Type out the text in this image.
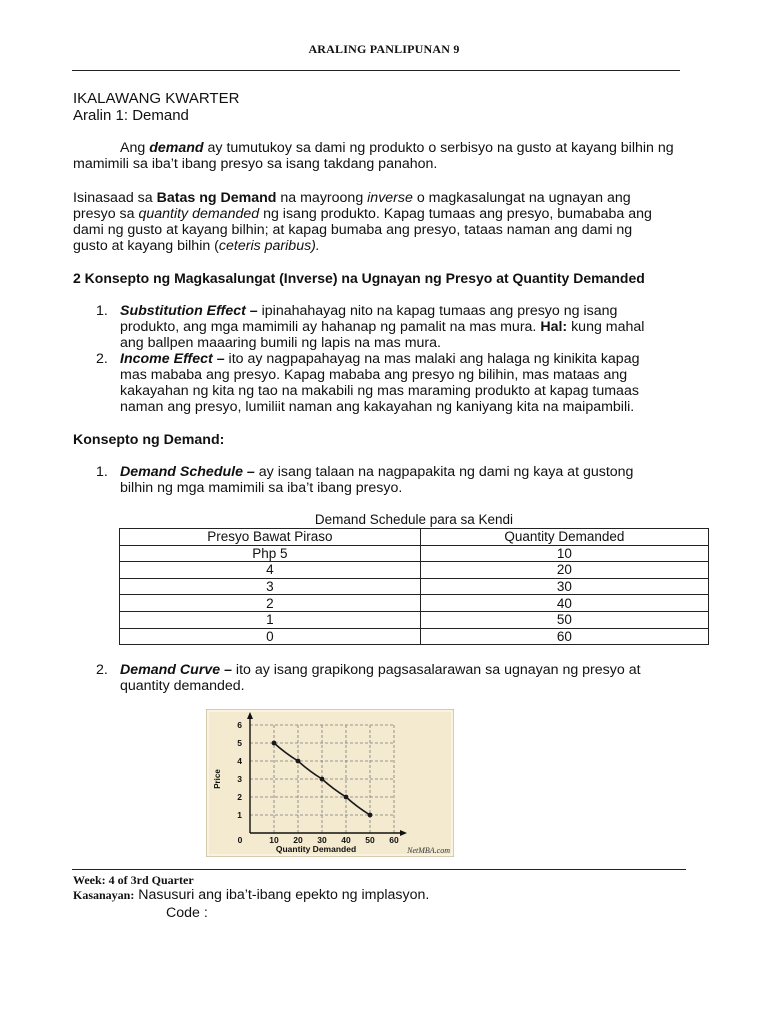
ARALING PANLIPUNAN 9
IKALAWANG KWARTER
Aralin 1: Demand
Ang demand ay tumutukoy sa dami ng produkto o serbisyo na gusto at kayang bilhin ng
mamimili sa iba’t ibang presyo sa isang takdang panahon.
Isinasaad sa Batas ng Demand na mayroong inverse o magkasalungat na ugnayan ang
presyo sa quantity demanded ng isang produkto. Kapag tumaas ang presyo, bumababa ang
dami ng gusto at kayang bilhin; at kapag bumaba ang presyo, tataas naman ang dami ng
gusto at kayang bilhin (ceteris paribus).
2 Konsepto ng Magkasalungat (Inverse) na Ugnayan ng Presyo at Quantity Demanded
1. Substitution Effect – ipinahahayag nito na kapag tumaas ang presyo ng isang
produkto, ang mga mamimili ay hahanap ng pamalit na mas mura. Hal: kung mahal
ang ballpen maaaring bumili ng lapis na mas mura.
2. Income Effect – ito ay nagpapahayag na mas malaki ang halaga ng kinikita kapag
mas mababa ang presyo. Kapag mababa ang presyo ng bilihin, mas mataas ang
kakayahan ng kita ng tao na makabili ng mas maraming produkto at kapag tumaas
naman ang presyo, lumiliit naman ang kakayahan ng kaniyang kita na maipambili.
Konsepto ng Demand:
1. Demand Schedule – ay isang talaan na nagpapakita ng dami ng kaya at gustong
bilhin ng mga mamimili sa iba’t ibang presyo.
Demand Schedule para sa Kendi
Presyo Bawat Piraso	Quantity Demanded
Php 5	10
4	20
3	30
2	40
1	50
0	60
2. Demand Curve – ito ay isang grapikong pagsasalarawan sa ugnayan ng presyo at
quantity demanded.
1
2
3
4
5
6
0	10 20 30 40 50 60
Price
Quantity Demanded	NetMBA.com
Week: 4 of 3rd Quarter
Kasanayan: Nasusuri ang iba’t-ibang epekto ng implasyon.
Code :
